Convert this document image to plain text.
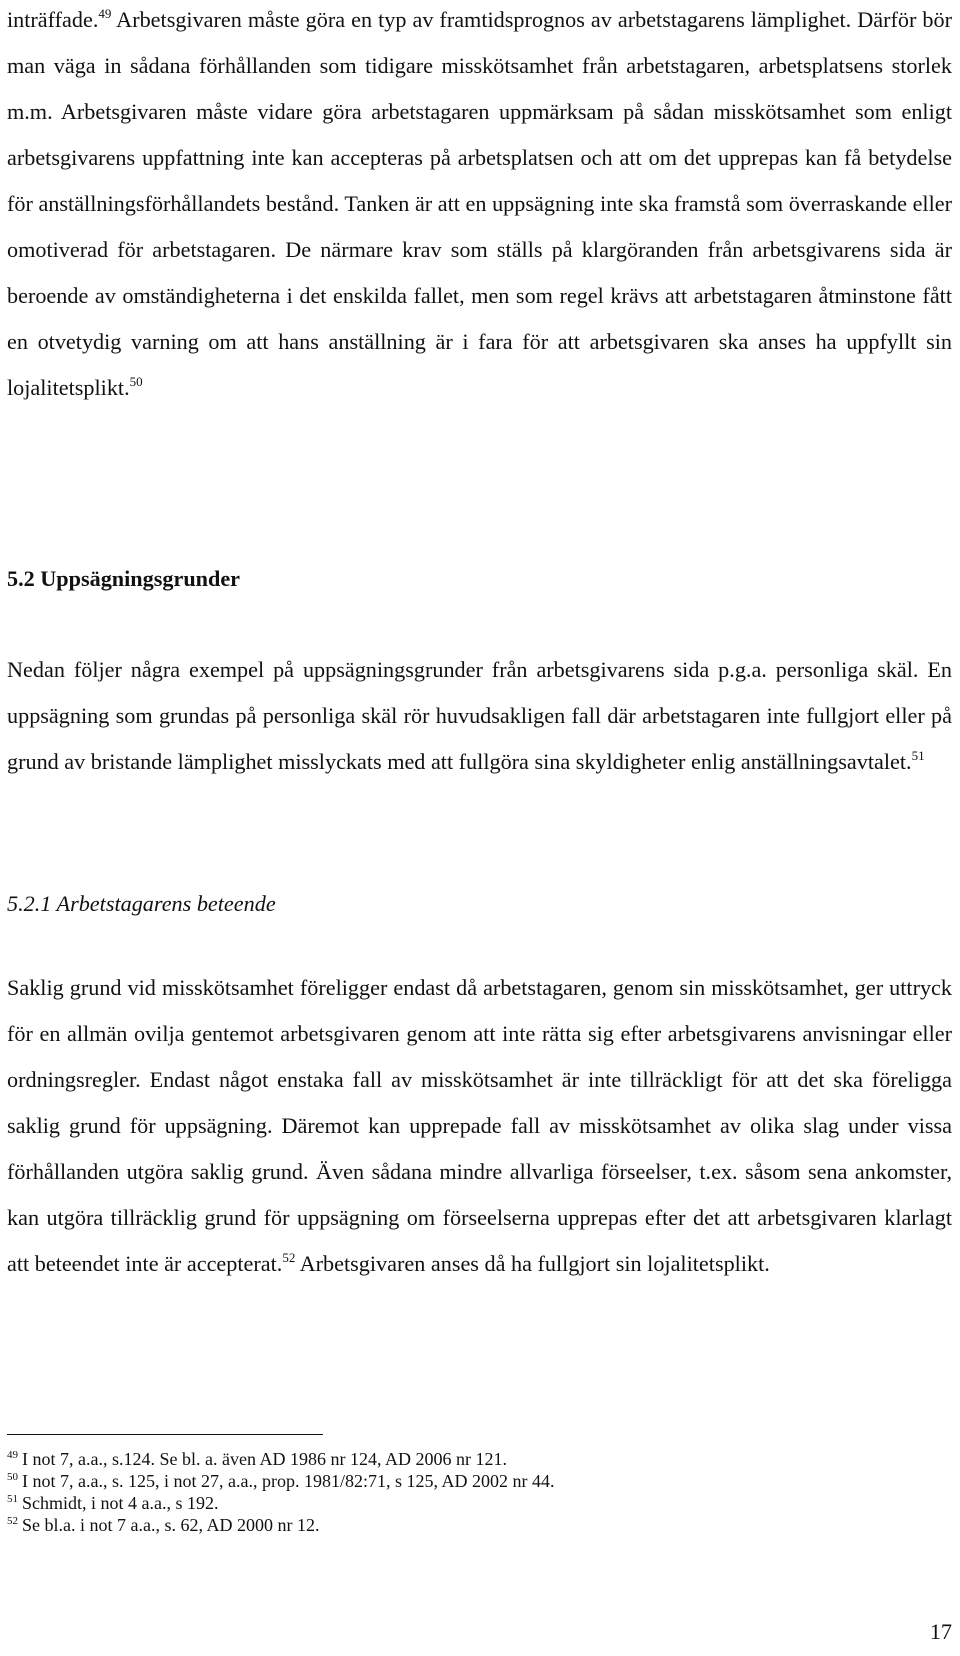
inträffade.$^{49}$ Arbetsgivaren måste göra en typ av framtidsprognos av arbetstagarens lämplighet. Därför bör man väga in sådana förhållanden som tidigare misskötsamhet från arbetstagaren, arbetsplatsens storlek m.m. Arbetsgivaren måste vidare göra arbetstagaren uppmärksam på sådan misskötsamhet som enligt arbetsgivarens uppfattning inte kan accepteras på arbetsplatsen och att om det upprepas kan få betydelse för anställningsförhållandets bestånd. Tanken är att en uppsägning inte ska framstå som överraskande eller omotiverad för arbetstagaren. De närmare krav som ställs på klargöranden från arbetsgivarens sida är beroende av omständigheterna i det enskilda fallet, men som regel krävs att arbetstagaren åtminstone fått en otvetydig varning om att hans anställning är i fara för att arbetsgivaren ska anses ha uppfyllt sin lojalitetsplikt.$^{50}$

5.2 Uppsägningsgrunder

Nedan följer några exempel på uppsägningsgrunder från arbetsgivarens sida p.g.a. personliga skäl. En uppsägning som grundas på personliga skäl rör huvudsakligen fall där arbetstagaren inte fullgjort eller på grund av bristande lämplighet misslyckats med att fullgöra sina skyldigheter enlig anställningsavtalet.$^{51}$

5.2.1 Arbetstagarens beteende

Saklig grund vid misskötsamhet föreligger endast då arbetstagaren, genom sin misskötsamhet, ger uttryck för en allmän ovilja gentemot arbetsgivaren genom att inte rätta sig efter arbetsgivarens anvisningar eller ordningsregler. Endast något enstaka fall av misskötsamhet är inte tillräckligt för att det ska föreligga saklig grund för uppsägning. Däremot kan upprepade fall av misskötsamhet av olika slag under vissa förhållanden utgöra saklig grund. Även sådana mindre allvarliga förseelser, t.ex. såsom sena ankomster, kan utgöra tillräcklig grund för uppsägning om förseelserna upprepas efter det att arbetsgivaren klarlagt att beteendet inte är accepterat.$^{52}$ Arbetsgivaren anses då ha fullgjort sin lojalitetsplikt.

$^{49}$ I not 7, a.a., s.124. Se bl. a. även AD 1986 nr 124, AD 2006 nr 121.
$^{50}$ I not 7, a.a., s. 125, i not 27, a.a., prop. 1981/82:71, s 125, AD 2002 nr 44.
$^{51}$ Schmidt, i not 4 a.a., s 192.
$^{52}$ Se bl.a. i not 7 a.a., s. 62, AD 2000 nr 12.
17
